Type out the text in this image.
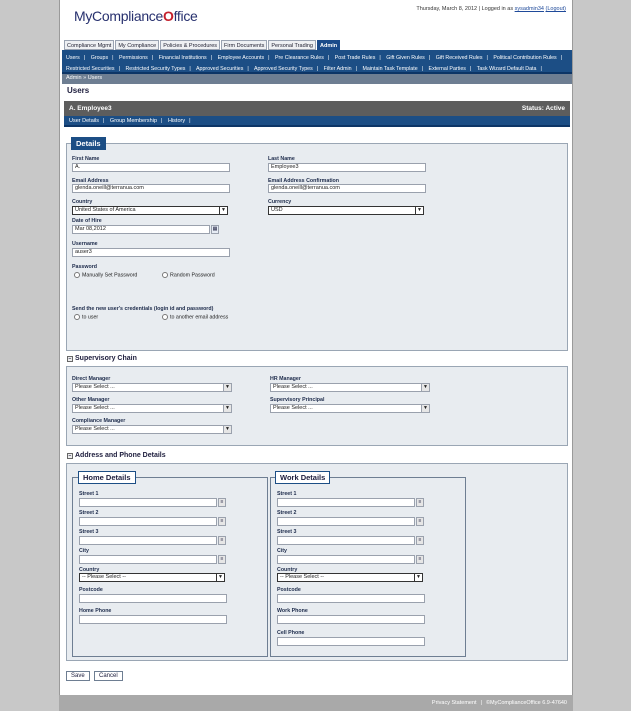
MyComplianceOffice	Thursday, March 8, 2012 | Logged in as sysadmin34 (Logout)
Compliance Mgmt	My Compliance	Policies & Procedures	Firm Documents	Personal Trading	Admin
Users | Groups | Permissions | Financial Institutions | Employee Accounts | Pre Clearance Rules | Post Trade Rules | Gift Given Rules | Gift Received Rules | Political Contribution Rules |
Restricted Securities | Restricted Security Types | Approved Securities | Approved Security Types | Filter Admin | Maintain Task Template | External Parties | Task Wizard Default Data |
Admin » Users
Users
A. Employee3	Status: Active
User Details | Group Membership | History |
Details
First Name
A.
Last Name
Employee3
Email Address
glenda.oneill@terranua.com
Email Address Confirmation
glenda.oneill@terranua.com
Country
United States of America	▼
Currency
USD	▼
Date of Hire
Mar 08,2012	▦
Username
auser3
Password
Manually Set Password	Random Password
Send the new user's credentials (login id and password)
to user	to another email address
− Supervisory Chain
Direct Manager
Please Select ...	▼
HR Manager
Please Select ...	▼
Other Manager
Please Select ...	▼
Supervisory Principal
Please Select ...	▼
Compliance Manager
Please Select ...	▼
− Address and Phone Details
Home Details	Work Details
Street 1
≡
Street 2
≡
Street 3
≡
City
≡
Country
-- Please Select --	▼
Postcode
Home Phone
Street 1
≡
Street 2
≡
Street 3
≡
City
≡
Country
-- Please Select --	▼
Postcode
Work Phone
Cell Phone
Save	Cancel
Privacy Statement | ©MyComplianceOffice 6.9-47640
